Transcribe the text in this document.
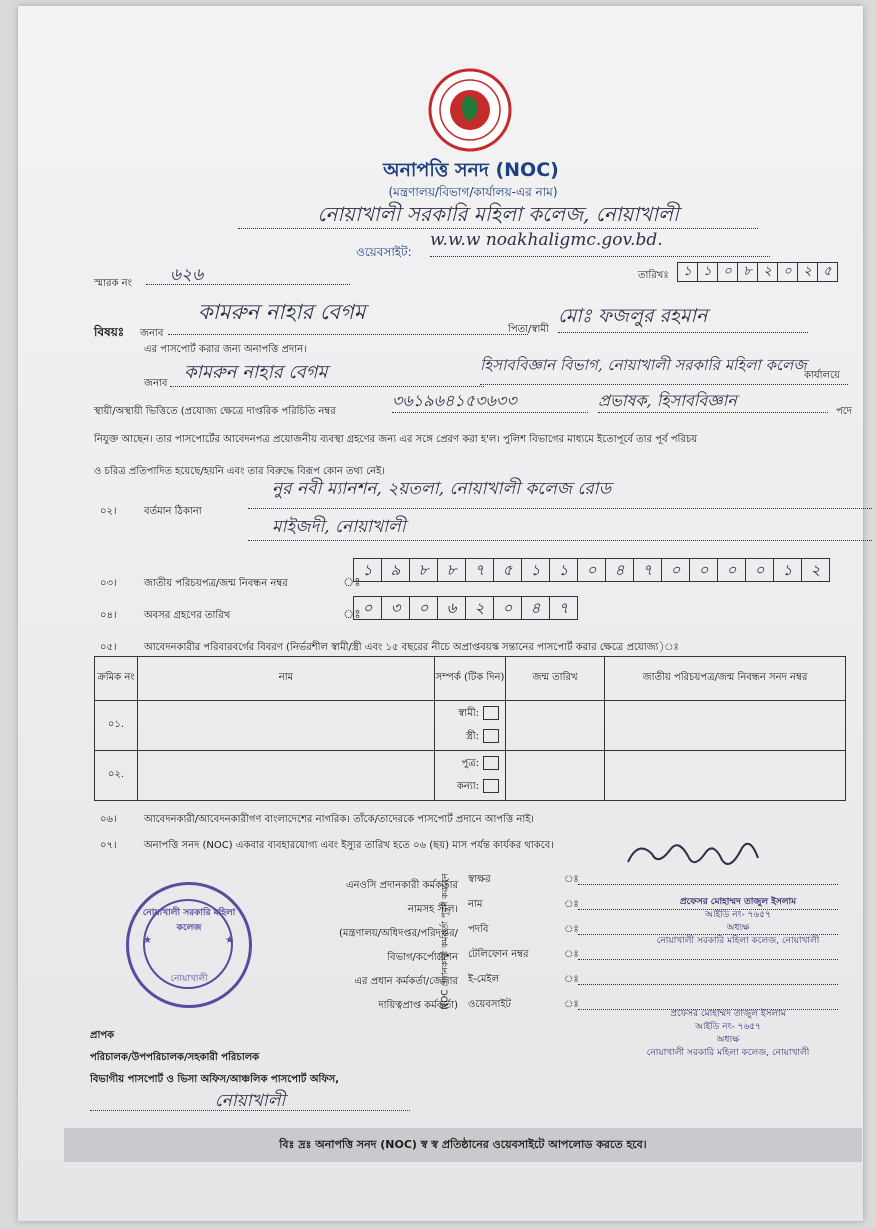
অনাপত্তি সনদ (NOC)
(মন্ত্রণালয়/বিভাগ/কার্যালয়-এর নাম)
নোয়াখালী সরকারি মহিলা কলেজ, নোয়াখালী
ওয়েবসাইট:
w.w.w noakhaligmc.gov.bd.
স্মারক নং	৬২৬	তারিখঃ	১ ১ ০ ৮ ২ ০ ২ ৫
বিষয়ঃ জনাব
কামরুন নাহার বেগম
পিতা/স্বামী
মোঃ ফজলুর রহমান
এর পাসপোর্ট করার জন্য অনাপত্তি প্রদান।
জনাব
কামরুন নাহার বেগম	হিসাববিজ্ঞান বিভাগ, নোয়াখালী সরকারি মহিলা কলেজ
কার্যালয়ে
স্থায়ী/অস্থায়ী ভিত্তিতে (প্রযোজ্য ক্ষেত্রে দাপ্তরিক পরিচিতি নম্বর
৩৬১৯৬৪১৫৩৬৩৩	প্রভাষক, হিসাববিজ্ঞান
পদে
নিযুক্ত আছেন। তার পাসপোর্টের আবেদনপত্র প্রয়োজনীয় ব্যবস্থা গ্রহণের জন্য এর সঙ্গে প্রেরণ করা হ'ল। পুলিশ বিভাগের মাধ্যমে ইতোপূর্বে তার পূর্ব পরিচয়
ও চরিত্র প্রতিপাদিত হয়েছে/হয়নি এবং তার বিরুদ্ধে বিরূপ কোন তথ্য নেই।
০২।	বর্তমান ঠিকানা
নুর নবী ম্যানশন, ২য়তলা, নোয়াখালী কলেজ রোড
মাইজদী, নোয়াখালী
০৩।	জাতীয় পরিচয়পত্র/জন্ম নিবন্ধন নম্বর	ঃ
১ ৯ ৮ ৮ ৭ ৫ ১ ১ ০ ৪ ৭ ০ ০ ০ ০ ১ ২
০৪।	অবসর গ্রহণের তারিখ	ঃ ০ ৩ ০ ৬ ২ ০ ৪ ৭
০৫।	আবেদনকারীর পরিবারবর্গের বিবরণ (নির্ভরশীল স্বামী/স্ত্রী এবং ১৫ বছরের নীচে অপ্রাপ্তবয়স্ক সন্তানের পাসপোর্ট করার ক্ষেত্রে প্রযোজ্য)ঃ
ক্রমিক নং	নাম	সম্পর্ক (টিক দিন)	জন্ম তারিখ	জাতীয় পরিচয়পত্র/জন্ম নিবন্ধন সনদ নম্বর
০১.		স্বামী:
স্ত্রী:		

০২.		পুত্র:
কন্যা:		

০৬।	আবেদনকারী/আবেদনকারীগণ বাংলাদেশের নাগরিক। তাঁকে/তাদেরকে পাসপোর্ট প্রদানে আপত্তি নাই।
০৭।	অনাপত্তি সনদ (NOC) একবার ব্যবহারযোগ্য এবং ইস্যুর তারিখ হতে ০৬ (ছয়) মাস পর্যন্ত কার্যকর থাকবে।
নোয়াখালী সরকারি মহিলা কলেজ
নোয়াখালী
★	★
এনওসি প্রদানকারী কর্মকর্তার
নামসহ সীল।
(মন্ত্রণালয়/অধিদপ্তর/পরিদপ্তর/
বিভাগ/কর্পোরেশন
এর প্রধান কর্মকর্তা/জেলার
দায়িত্বপ্রাপ্ত কর্মকর্তা)
NOC প্রদানকারী কর্মকর্তা পূরণ করবেন স্বাক্ষর	ঃ
নাম	ঃ
পদবি	ঃ
টেলিফোন নম্বর	ঃ
ই-মেইল	ঃ
ওয়েবসাইট	ঃ
প্রফেসর মোহাম্মদ তাজুল ইসলাম
আইডি নং- ৭৬৫৭
অধ্যক্ষ
নোয়াখালী সরকারি মহিলা কলেজ, নোয়াখালী
প্রফেসর মোহাম্মদ তাজুল ইসলাম
আইডি নং- ৭৬৫৭
অধ্যক্ষ
নোয়াখালী সরকারি মহিলা কলেজ, নোয়াখালী
প্রাপক
পরিচালক/উপপরিচালক/সহকারী পরিচালক
বিভাগীয় পাসপোর্ট ও ভিসা অফিস/আঞ্চলিক পাসপোর্ট অফিস,
নোয়াখালী
বিঃ দ্রঃ অনাপত্তি সনদ (NOC) স্ব স্ব প্রতিষ্ঠানের ওয়েবসাইটে আপলোড করতে হবে।
